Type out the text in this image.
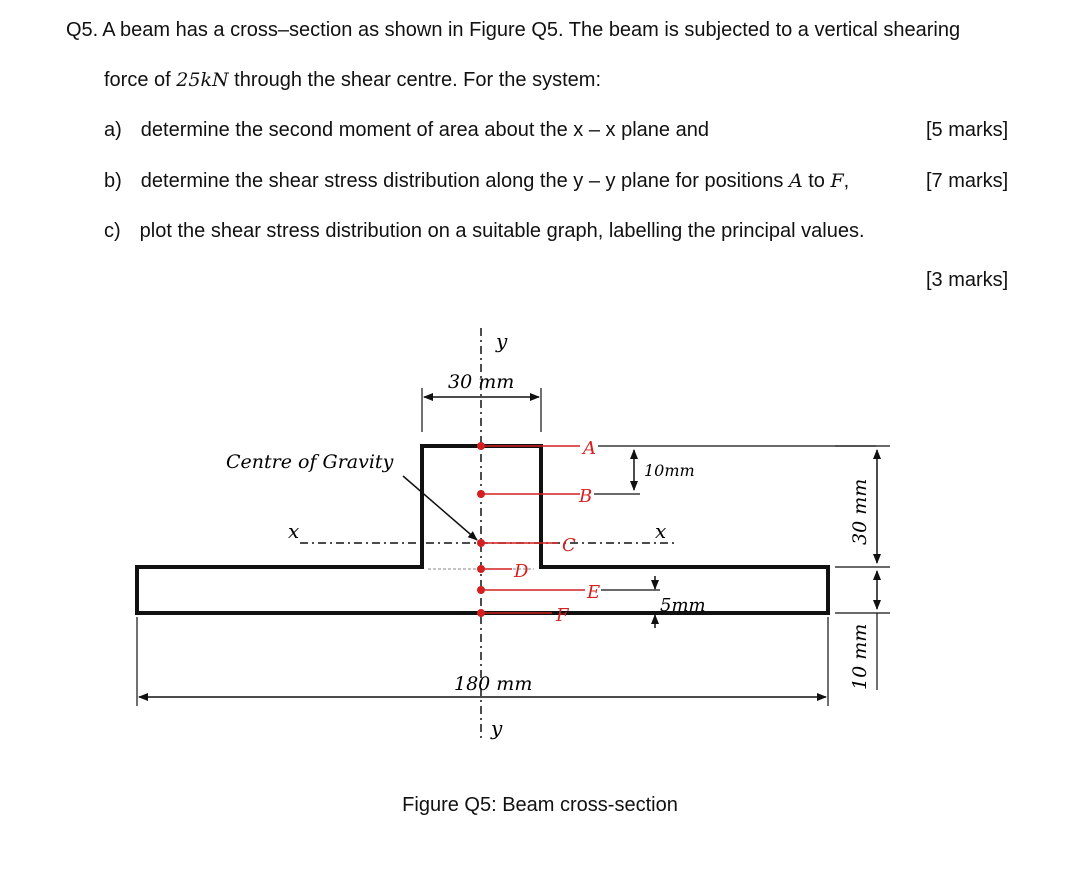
Q5. A beam has a cross–section as shown in Figure Q5. The beam is subjected to a vertical shearing
force of 25kN through the shear centre. For the system:
a) determine the second moment of area about the x – x plane and	[5 marks]
b) determine the shear stress distribution along the y – y plane for positions A to F,	[7 marks]
c) plot the shear stress distribution on a suitable graph, labelling the principal values.
[3 marks]
y
y
x	x
30 mm
180 mm
Centre of Gravity
A
B
C
D
E
F
10mm
5mm
30 mm
10 mm
Figure Q5: Beam cross-section
